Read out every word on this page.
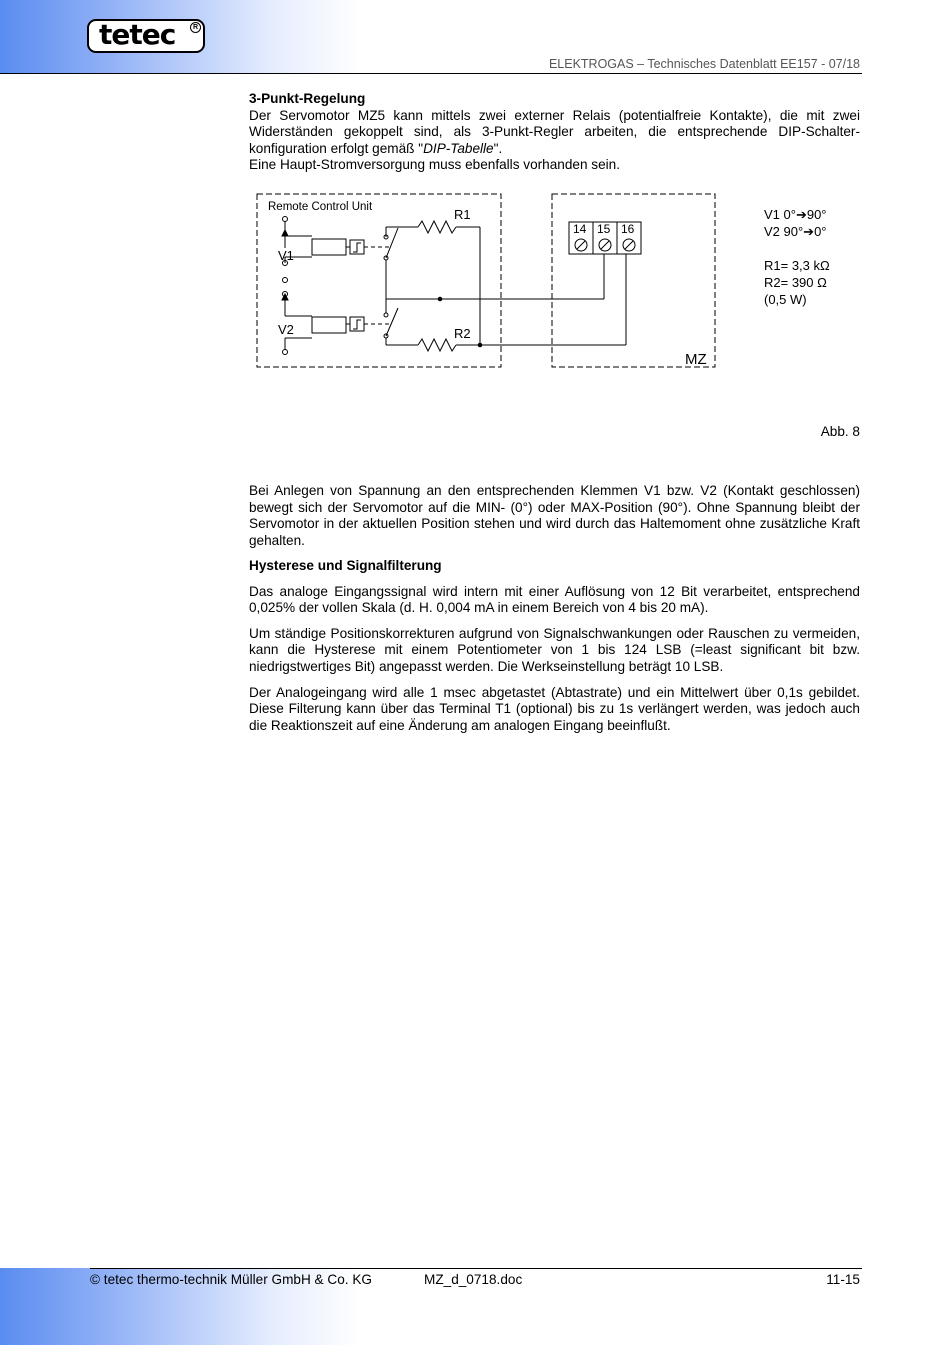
tetec	R
ELEKTROGAS – Technisches Datenblatt EE157 - 07/18

3-Punkt-Regelung

Der Servomotor MZ5 kann mittels zwei externer Relais (potentialfreie Kontakte), die mit zwei Widerständen gekoppelt sind, als 3-Punkt-Regler arbeiten, die entsprechende DIP-Schalter-konfiguration erfolgt gemäß "DIP-Tabelle".

Eine Haupt-Stromversorgung muss ebenfalls vorhanden sein.

Remote Control Unit	R1
R2
V1
V2
14 15 16
MZ
V1 0°➔90°
V2 90°➔0°
R1= 3,3 kΩ
R2= 390 Ω
(0,5 W)
Abb. 8

Bei Anlegen von Spannung an den entsprechenden Klemmen V1 bzw. V2 (Kontakt geschlossen) bewegt sich der Servomotor auf die MIN- (0°) oder MAX-Position (90°). Ohne Spannung bleibt der Servomotor in der aktuellen Position stehen und wird durch das Haltemoment ohne zusätzliche Kraft gehalten.

Hysterese und Signalfilterung

Das analoge Eingangssignal wird intern mit einer Auflösung von 12 Bit verarbeitet, entsprechend 0,025% der vollen Skala (d. H. 0,004 mA in einem Bereich von 4 bis 20 mA).

Um ständige Positionskorrekturen aufgrund von Signalschwankungen oder Rauschen zu vermeiden, kann die Hysterese mit einem Potentiometer von 1 bis 124 LSB (=least significant bit bzw. niedrigstwertiges Bit) angepasst werden. Die Werkseinstellung beträgt 10 LSB.

Der Analogeingang wird alle 1 msec abgetastet (Abtastrate) und ein Mittelwert über 0,1s gebildet. Diese Filterung kann über das Terminal T1 (optional) bis zu 1s verlängert werden, was jedoch auch die Reaktionszeit auf eine Änderung am analogen Eingang beeinflußt.

© tetec thermo-technik Müller GmbH & Co. KG	MZ_d_0718.doc	11-15
